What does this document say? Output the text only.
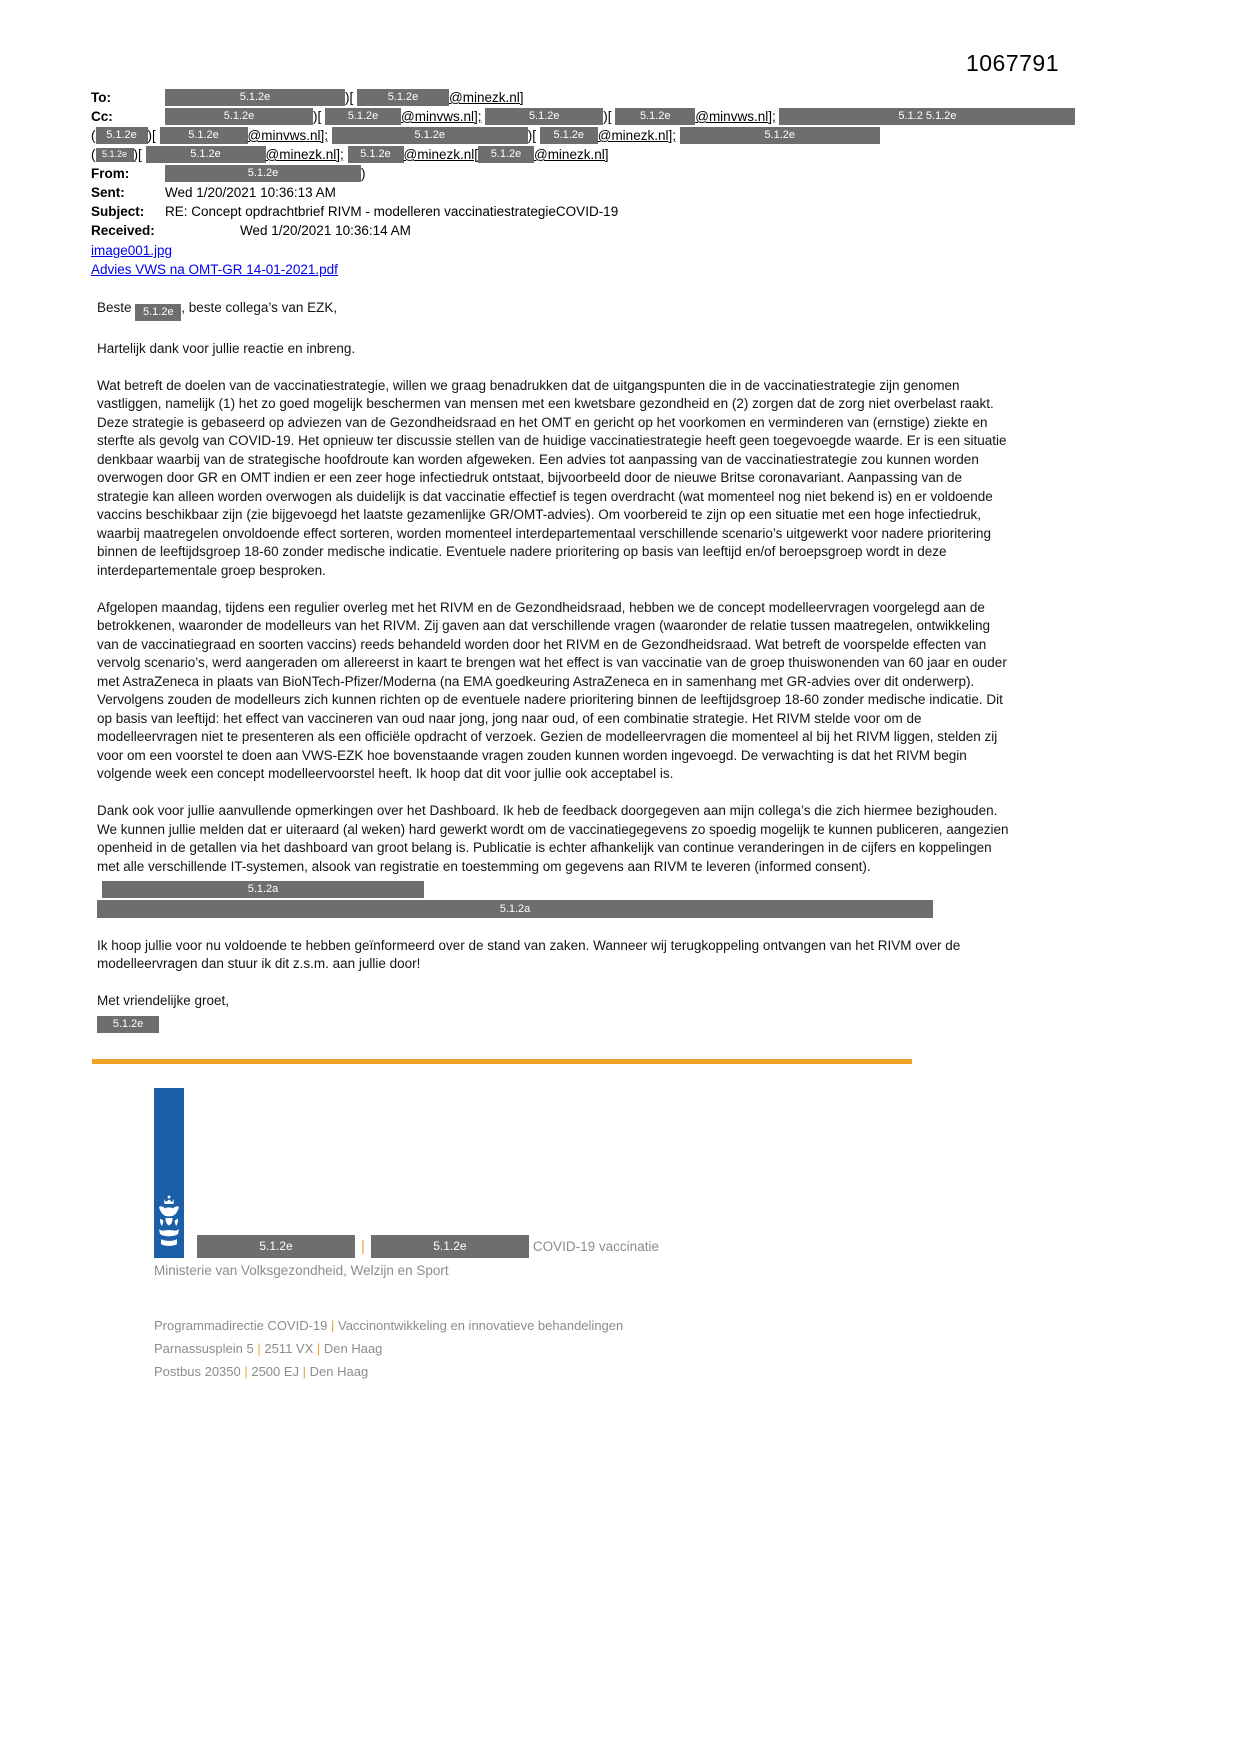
1067791
To:	5.1.2e	)[	5.1.2e	@minezk.nl]
Cc:	5.1.2e	)[	5.1.2e	@minvws.nl];
	5.1.2e	)[	5.1.2e	@minvws.nl];
	5.1.2 5.1.2e
( 5.1.2e )[	5.1.2e	@minvws.nl];
	5.1.2e	)[	5.1.2e	@minezk.nl];
	5.1.2e
( 5.1.2e )[	5.1.2e	@minezk.nl];
	5.1.2e @minezk.nl[	5.1.2e @minezk.nl]
From:	5.1.2e	)
Sent:	Wed 1/20/2021 10:36:13 AM
Subject:	RE: Concept opdrachtbrief RIVM - modelleren vaccinatiestrategieCOVID-19
Received:	Wed 1/20/2021 10:36:14 AM
image001.jpg
Advies VWS na OMT-GR 14-01-2021.pdf

Beste 5.1.2e , beste collega’s van EZK,

Hartelijk dank voor jullie reactie en inbreng.

Wat betreft de doelen van de vaccinatiestrategie, willen we graag benadrukken dat de uitgangspunten die in de vaccinatiestrategie zijn genomen vastliggen, namelijk (1) het zo goed mogelijk beschermen van mensen met een kwetsbare gezondheid en (2) zorgen dat de zorg niet overbelast raakt. Deze strategie is gebaseerd op adviezen van de Gezondheidsraad en het OMT en gericht op het voorkomen en verminderen van (ernstige) ziekte en sterfte als gevolg van COVID-19. Het opnieuw ter discussie stellen van de huidige vaccinatiestrategie heeft geen toegevoegde waarde. Er is een situatie denkbaar waarbij van de strategische hoofdroute kan worden afgeweken. Een advies tot aanpassing van de vaccinatiestrategie zou kunnen worden overwogen door GR en OMT indien er een zeer hoge infectiedruk ontstaat, bijvoorbeeld door de nieuwe Britse coronavariant. Aanpassing van de strategie kan alleen worden overwogen als duidelijk is dat vaccinatie effectief is tegen overdracht (wat momenteel nog niet bekend is) en er voldoende vaccins beschikbaar zijn (zie bijgevoegd het laatste gezamenlijke GR/OMT-advies). Om voorbereid te zijn op een situatie met een hoge infectiedruk, waarbij maatregelen onvoldoende effect sorteren, worden momenteel interdepartementaal verschillende scenario’s uitgewerkt voor nadere prioritering binnen de leeftijdsgroep 18-60 zonder medische indicatie. Eventuele nadere prioritering op basis van leeftijd en/of beroepsgroep wordt in deze interdepartementale groep besproken.

Afgelopen maandag, tijdens een regulier overleg met het RIVM en de Gezondheidsraad, hebben we de concept modelleervragen voorgelegd aan de betrokkenen, waaronder de modelleurs van het RIVM. Zij gaven aan dat verschillende vragen (waaronder de relatie tussen maatregelen, ontwikkeling van de vaccinatiegraad en soorten vaccins) reeds behandeld worden door het RIVM en de Gezondheidsraad. Wat betreft de voorspelde effecten van vervolg scenario’s, werd aangeraden om allereerst in kaart te brengen wat het effect is van vaccinatie van de groep thuiswonenden van 60 jaar en ouder met AstraZeneca in plaats van BioNTech-Pfizer/Moderna (na EMA goedkeuring AstraZeneca en in samenhang met GR-advies over dit onderwerp). Vervolgens zouden de modelleurs zich kunnen richten op de eventuele nadere prioritering binnen de leeftijdsgroep 18-60 zonder medische indicatie. Dit op basis van leeftijd: het effect van vaccineren van oud naar jong, jong naar oud, of een combinatie strategie. Het RIVM stelde voor om de modelleervragen niet te presenteren als een officiële opdracht of verzoek. Gezien de modelleervragen die momenteel al bij het RIVM liggen, stelden zij voor om een voorstel te doen aan VWS-EZK hoe bovenstaande vragen zouden kunnen worden ingevoegd. De verwachting is dat het RIVM begin volgende week een concept modelleervoorstel heeft. Ik hoop dat dit voor jullie ook acceptabel is.

Dank ook voor jullie aanvullende opmerkingen over het Dashboard. Ik heb de feedback doorgegeven aan mijn collega’s die zich hiermee bezighouden. We kunnen jullie melden dat er uiteraard (al weken) hard gewerkt wordt om de vaccinatiegegevens zo spoedig mogelijk te kunnen publiceren, aangezien openheid in de getallen via het dashboard van groot belang is. Publicatie is echter afhankelijk van continue veranderingen in de cijfers en koppelingen met alle verschillende IT-systemen, alsook van registratie en toestemming om gegevens aan RIVM te leveren (informed consent).5.1.2a
5.1.2a

Ik hoop jullie voor nu voldoende te hebben geïnformeerd over de stand van zaken. Wanneer wij terugkoppeling ontvangen van het RIVM over de modelleervragen dan stuur ik dit z.s.m. aan jullie door!

Met vriendelijke groet,

5.1.2e
5.1.2e	|	5.1.2e	COVID-19 vaccinatie
Ministerie van Volksgezondheid, Welzijn en Sport
Programmadirectie COVID-19 | Vaccinontwikkeling en innovatieve behandelingen
Parnassusplein 5 | 2511 VX | Den Haag
Postbus 20350 | 2500 EJ | Den Haag
